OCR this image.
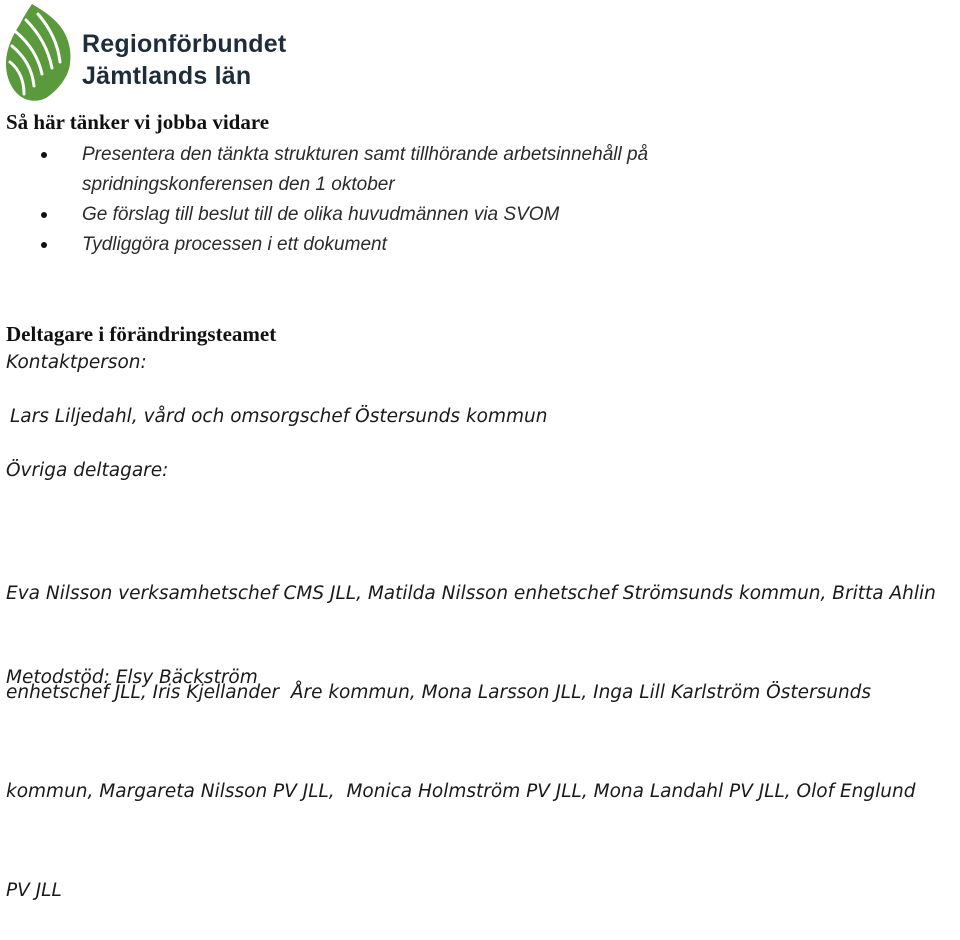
Regionförbundet
Jämtlands län
Så här tänker vi jobba vidare
Presentera den tänkta strukturen samt tillhörande arbetsinnehåll på spridningskonferensen den 1 oktober
Ge förslag till beslut till de olika huvudmännen via SVOM
Tydliggöra processen i ett dokument
Deltagare i förändringsteamet
Kontaktperson:
Lars Liljedahl, vård och omsorgschef Östersunds kommun
Övriga deltagare:

Eva Nilsson verksamhetschef CMS JLL, Matilda Nilsson enhetschef Strömsunds kommun, Britta Ahlin

enhetschef JLL, Iris Kjellander  Åre kommun, Mona Larsson JLL, Inga Lill Karlström Östersunds

kommun, Margareta Nilsson PV JLL,  Monica Holmström PV JLL, Mona Landahl PV JLL, Olof Englund

PV JLL

Metodstöd: Elsy Bäckström
